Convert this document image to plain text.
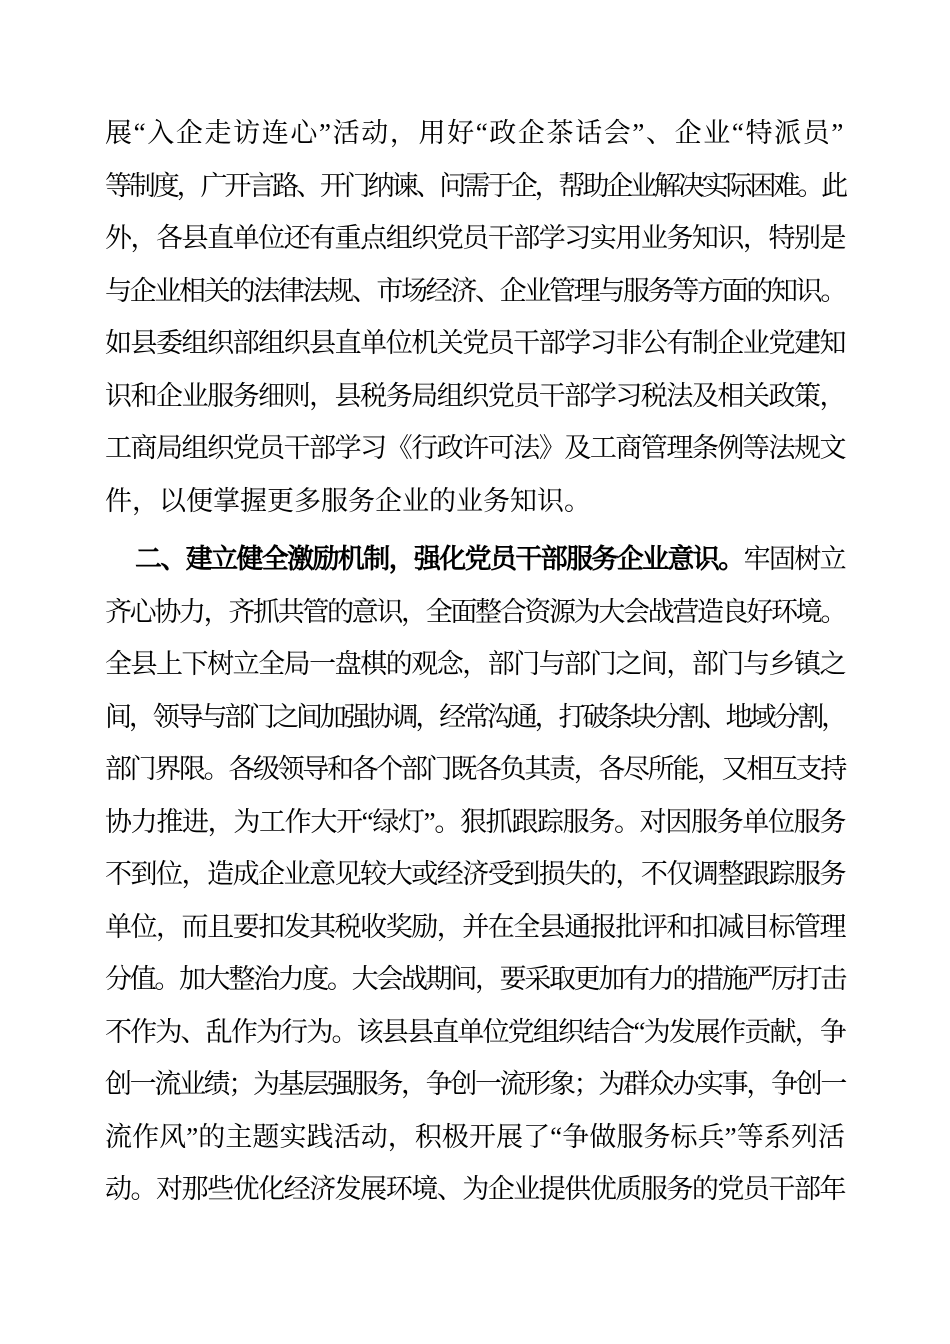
展“入企走访连心”活动，用好“政企茶话会”、企业“特派员”
等制度，广开言路、开门纳谏、问需于企，帮助企业解决实际困难。此
外，各县直单位还有重点组织党员干部学习实用业务知识，特别是
与企业相关的法律法规、市场经济、企业管理与服务等方面的知识。
如县委组织部组织县直单位机关党员干部学习非公有制企业党建知
识和企业服务细则，县税务局组织党员干部学习税法及相关政策，
工商局组织党员干部学习《行政许可法》及工商管理条例等法规文
件，以便掌握更多服务企业的业务知识。
二、建立健全激励机制，强化党员干部服务企业意识。牢固树立
齐心协力，齐抓共管的意识，全面整合资源为大会战营造良好环境。
全县上下树立全局一盘棋的观念，部门与部门之间，部门与乡镇之
间，领导与部门之间加强协调，经常沟通，打破条块分割、地域分割，
部门界限。各级领导和各个部门既各负其责，各尽所能，又相互支持
协力推进，为工作大开“绿灯”。狠抓跟踪服务。对因服务单位服务
不到位，造成企业意见较大或经济受到损失的，不仅调整跟踪服务
单位，而且要扣发其税收奖励，并在全县通报批评和扣减目标管理
分值。加大整治力度。大会战期间，要采取更加有力的措施严厉打击
不作为、乱作为行为。该县县直单位党组织结合“为发展作贡献，争
创一流业绩；为基层强服务，争创一流形象；为群众办实事，争创一
流作风”的主题实践活动，积极开展了“争做服务标兵”等系列活
动。对那些优化经济发展环境、为企业提供优质服务的党员干部年
